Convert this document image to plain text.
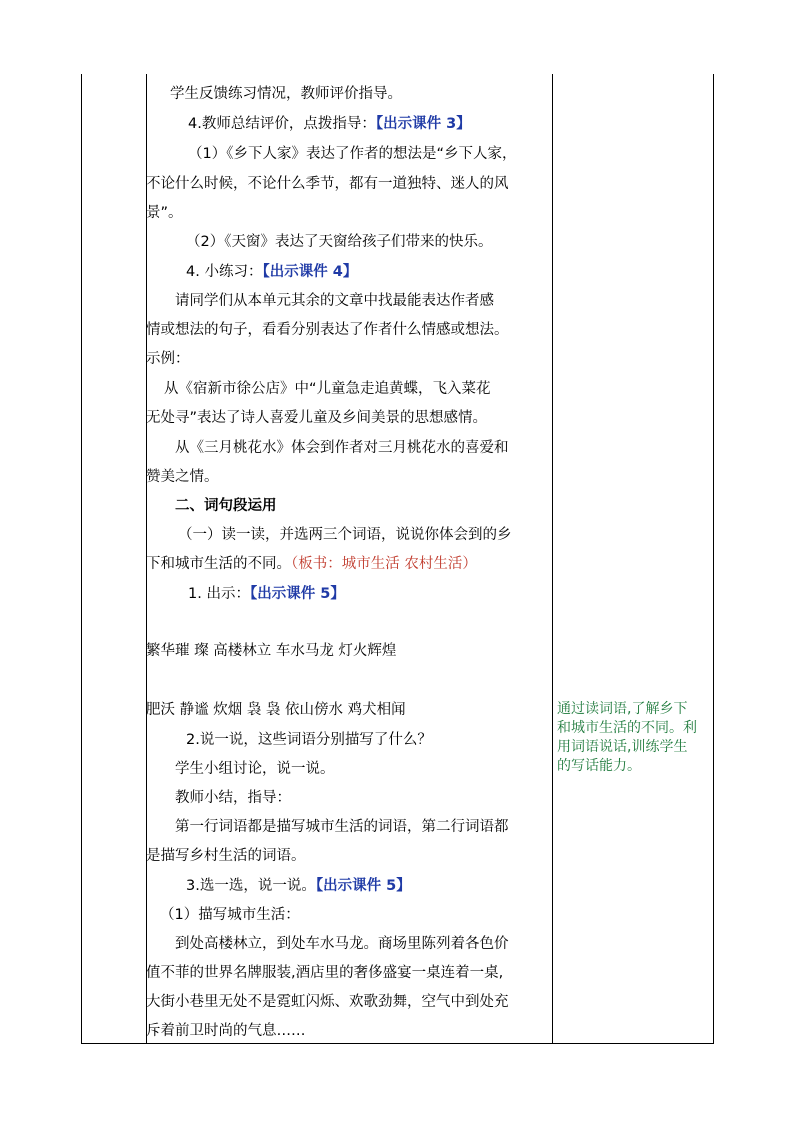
学生反馈练习情况，教师评价指导。
4.教师总结评价，点拨指导：【出示课件 3】
（1）《乡下人家》表达了作者的想法是“乡下人家，
不论什么时候，不论什么季节，都有一道独特、迷人的风
景”。
（2）《天窗》表达了天窗给孩子们带来的快乐。
4. 小练习：【出示课件 4】
请同学们从本单元其余的文章中找最能表达作者感
情或想法的句子，看看分别表达了作者什么情感或想法。
示例：
从《宿新市徐公店》中“儿童急走追黄蝶，飞入菜花
无处寻”表达了诗人喜爱儿童及乡间美景的思想感情。
从《三月桃花水》体会到作者对三月桃花水的喜爱和
赞美之情。
二、词句段运用
（一）读一读，并选两三个词语，说说你体会到的乡
下和城市生活的不同。（板书：城市生活 农村生活）
1. 出示：【出示课件 5】
繁华璀 璨 高楼林立 车水马龙 灯火辉煌
肥沃 静谧 炊烟 袅 袅 依山傍水 鸡犬相闻
2.说一说，这些词语分别描写了什么？
学生小组讨论，说一说。
教师小结，指导：
第一行词语都是描写城市生活的词语，第二行词语都
是描写乡村生活的词语。
3.选一选，说一说。【出示课件 5】
（1）描写城市生活：
到处高楼林立，到处车水马龙。商场里陈列着各色价
值不菲的世界名牌服装,酒店里的奢侈盛宴一桌连着一桌,
大街小巷里无处不是霓虹闪烁、欢歌劲舞，空气中到处充
斥着前卫时尚的气息……
通过读词语,了解乡下
和城市生活的不同。利
用词语说话,训练学生
的写话能力。
